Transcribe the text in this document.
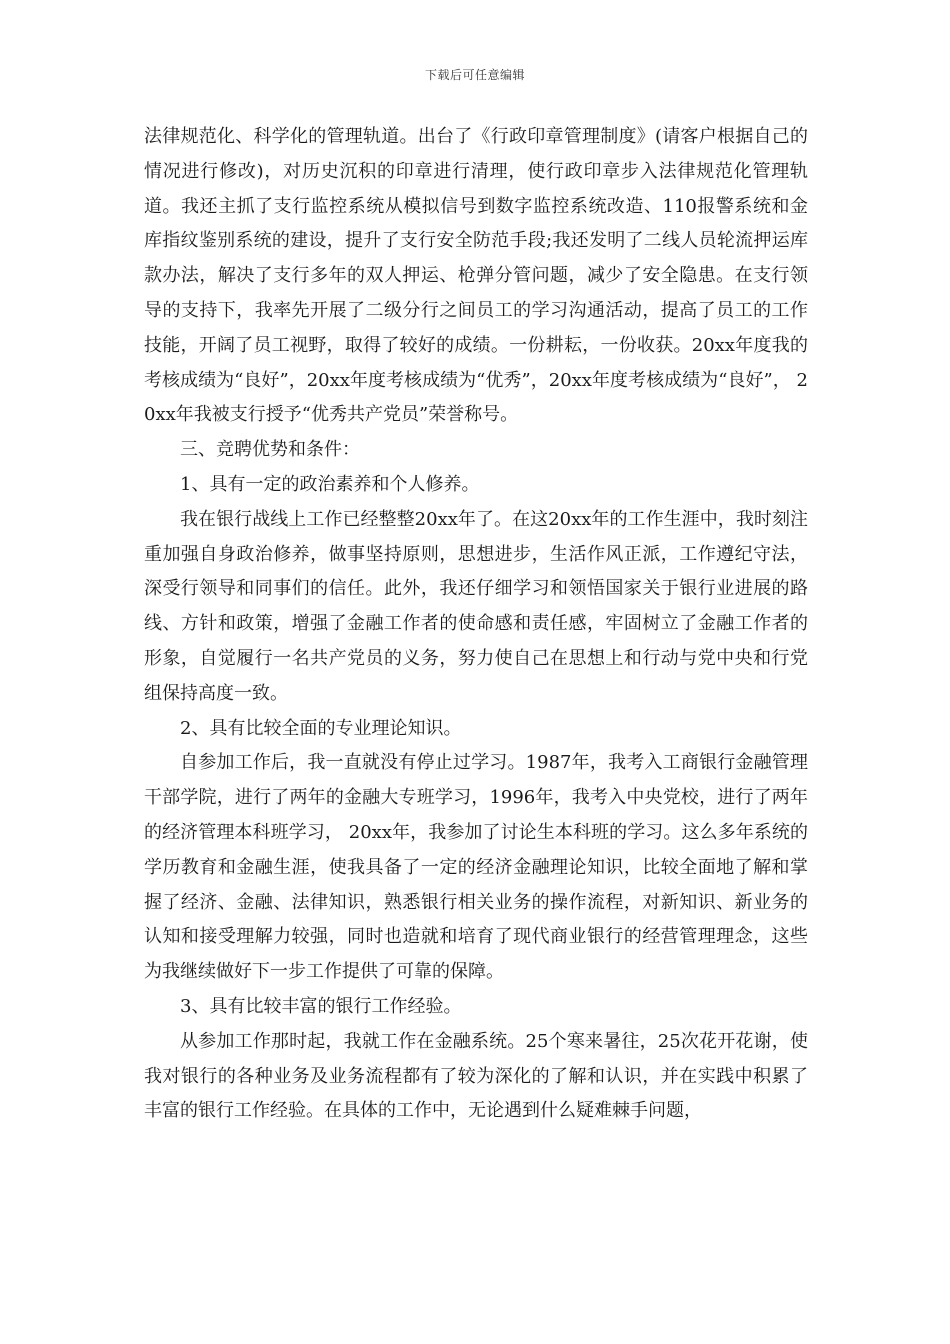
下载后可任意编辑

法律规范化、科学化的管理轨道。出台了《行政印章管理制度》(请客户根据自己的情况进行修改)，对历史沉积的印章进行清理，使行政印章步入法律规范化管理轨道。我还主抓了支行监控系统从模拟信号到数字监控系统改造、110报警系统和金库指纹鉴别系统的建设，提升了支行安全防范手段;我还发明了二线人员轮流押运库款办法，解决了支行多年的双人押运、枪弹分管问题，减少了安全隐患。在支行领导的支持下，我率先开展了二级分行之间员工的学习沟通活动，提高了员工的工作技能，开阔了员工视野，取得了较好的成绩。一份耕耘，一份收获。20xx年度我的考核成绩为“良好”，20xx年度考核成绩为“优秀”，20xx年度考核成绩为“良好”， 20xx年我被支行授予“优秀共产党员”荣誉称号。

三、竞聘优势和条件：

1、具有一定的政治素养和个人修养。

我在银行战线上工作已经整整20xx年了。在这20xx年的工作生涯中，我时刻注重加强自身政治修养，做事坚持原则，思想进步，生活作风正派，工作遵纪守法，深受行领导和同事们的信任。此外，我还仔细学习和领悟国家关于银行业进展的路线、方针和政策，增强了金融工作者的使命感和责任感，牢固树立了金融工作者的形象，自觉履行一名共产党员的义务，努力使自己在思想上和行动与党中央和行党组保持高度一致。

2、具有比较全面的专业理论知识。

自参加工作后，我一直就没有停止过学习。1987年，我考入工商银行金融管理干部学院，进行了两年的金融大专班学习，1996年，我考入中央党校，进行了两年的经济管理本科班学习， 20xx年，我参加了讨论生本科班的学习。这么多年系统的学历教育和金融生涯，使我具备了一定的经济金融理论知识，比较全面地了解和掌握了经济、金融、法律知识，熟悉银行相关业务的操作流程，对新知识、新业务的认知和接受理解力较强，同时也造就和培育了现代商业银行的经营管理理念，这些为我继续做好下一步工作提供了可靠的保障。

3、具有比较丰富的银行工作经验。

从参加工作那时起，我就工作在金融系统。25个寒来暑往，25次花开花谢，使我对银行的各种业务及业务流程都有了较为深化的了解和认识，并在实践中积累了丰富的银行工作经验。在具体的工作中，无论遇到什么疑难棘手问题，
